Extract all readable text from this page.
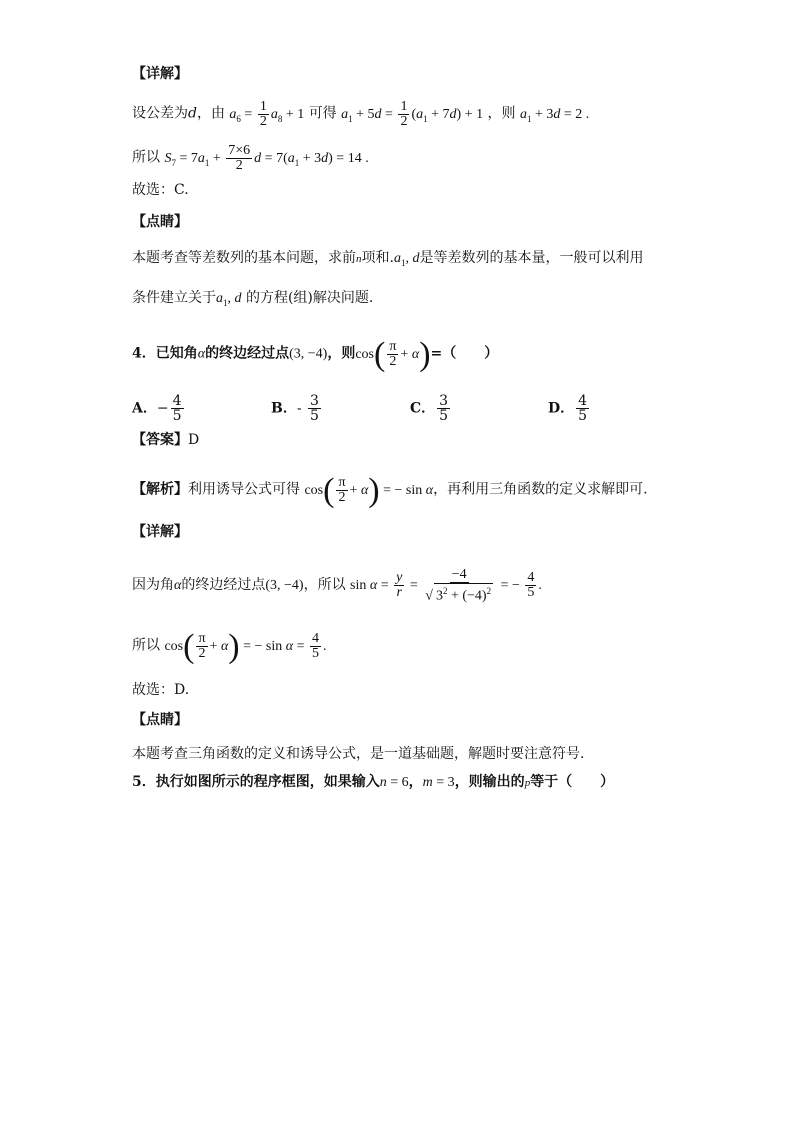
【详解】
设公差为d，由 $a_6 = \frac{1}{2} a_8 + 1$ 可得 $a_1 + 5d = \frac{1}{2} (a_1 + 7d) + 1$ ，则 $a_1 + 3d = 2$ .
所以 $S_7 = 7a_1 + \frac{7\times 6}{2}$ $d = 7(a_1 + 3d) = 14$ .
故选：C.
【点睛】
本题考查等差数列的基本问题，求前n项和$.a_1$, d是等差数列的基本量，一般可以利用
条件建立关于$a_1$, d 的方程(组)解决问题.
4．已知角α的终边经过点(3, −4)，则$\cos( \frac{\pi}{2} + \alpha)=$（　　）
A．− $\frac{4}{5}$	B．- $\frac{3}{5}$	C． $\frac{3}{5}$	D． $\frac{4}{5}$
【答案】D
【解析】利用诱导公式可得 $\cos( \frac{\pi}{2} + \alpha)$ = − sin α，再利用三角函数的定义求解即可.
【详解】
因为角α的终边经过点(3, −4)，所以 $\sin \alpha = \frac{y}{r} = \frac{-4}{√ 3^2 + (-4)^2}$ = − $\frac{4}{5}$ .
所以 $\cos( \frac{\pi}{2} + \alpha)$ = − $\sin \alpha = \frac{4}{5}$ .
故选：D.
【点睛】
本题考查三角函数的定义和诱导公式，是一道基础题，解题时要注意符号.
5．执行如图所示的程序框图，如果输入n = 6，m = 3，则输出的p等于（　　）
